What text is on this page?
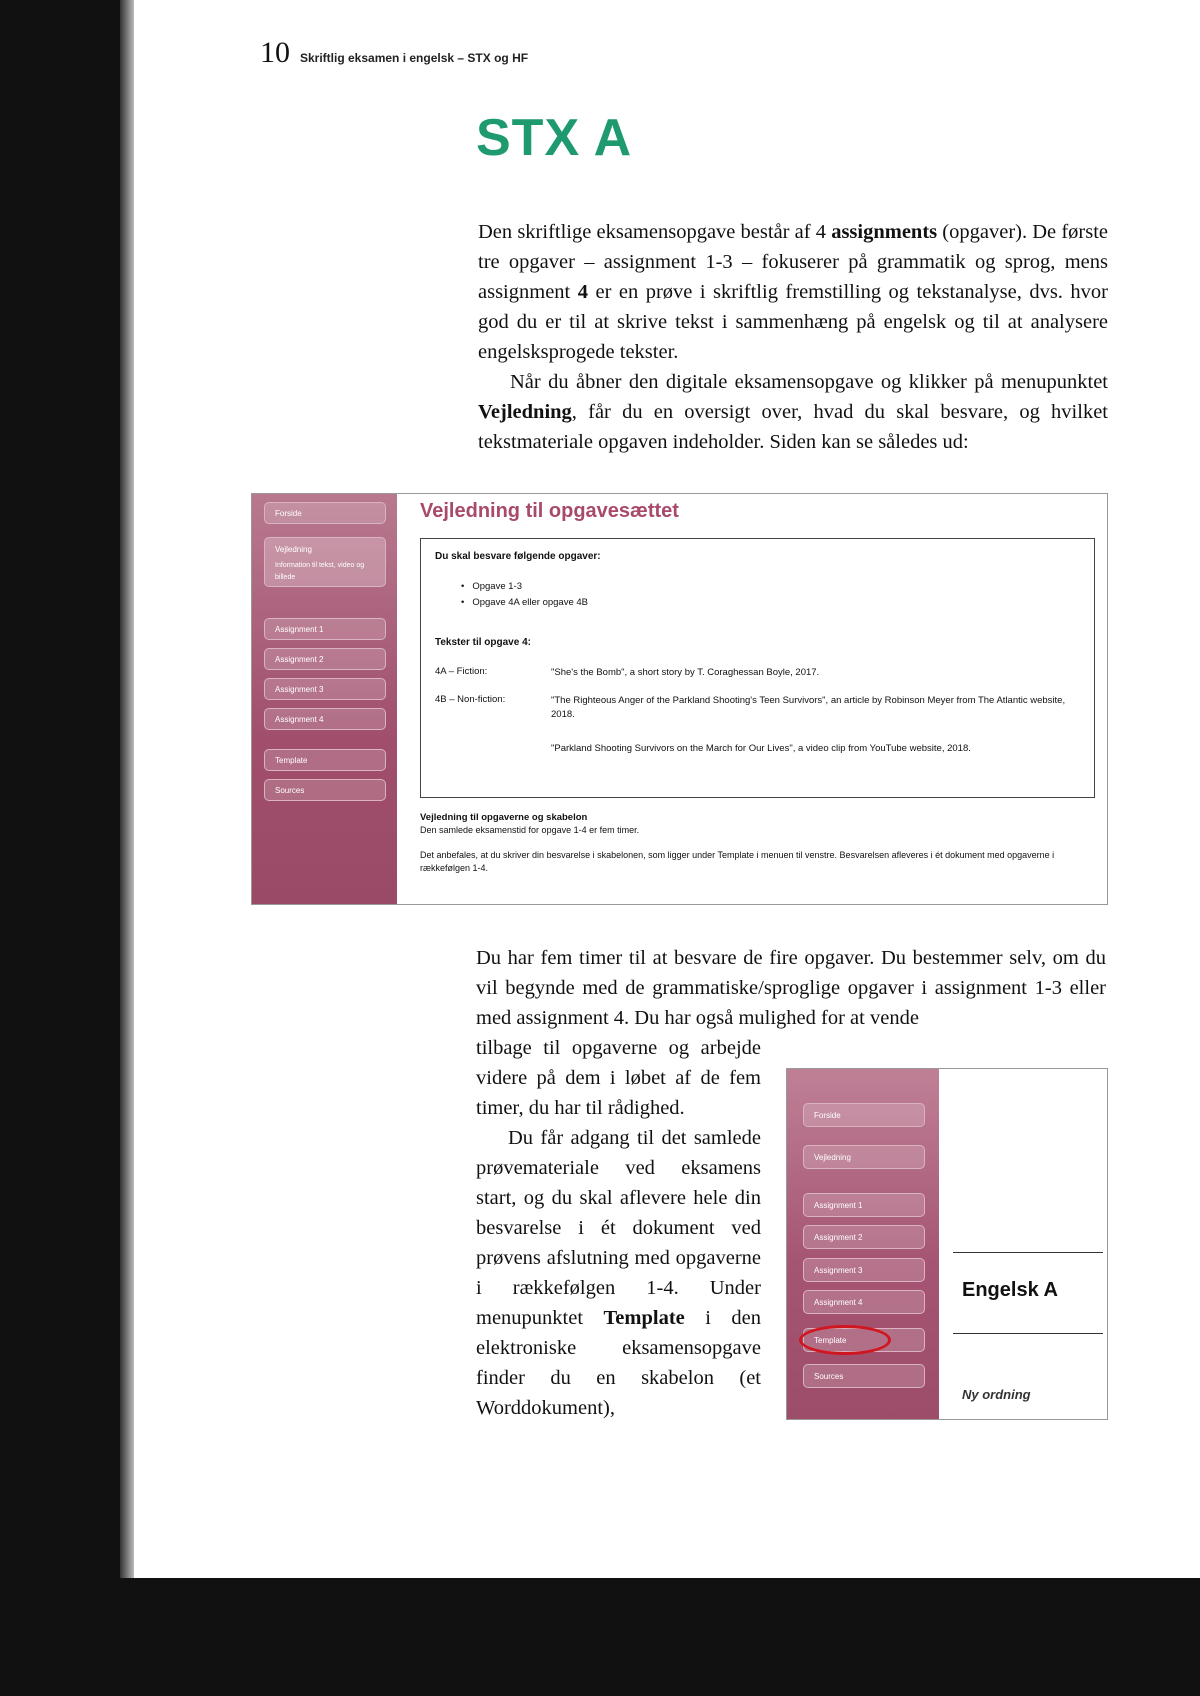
10 Skriftlig eksamen i engelsk – STX og HF
STX A

Den skriftlige eksamensopgave består af 4 assignments (opgaver). De første tre opgaver – assignment 1-3 – fokuserer på grammatik og sprog, mens assignment 4 er en prøve i skriftlig fremstilling og tekstanalyse, dvs. hvor god du er til at skrive tekst i sammenhæng på engelsk og til at analysere engelsksprogede tekster.

Når du åbner den digitale eksamensopgave og klikker på menupunktet Vejledning, får du en oversigt over, hvad du skal besvare, og hvilket tekstmateriale opgaven indeholder. Siden kan se således ud:

Forside
Vejledning
Information til tekst, video og billede
Assignment 1
Assignment 2
Assignment 3
Assignment 4
Template
Sources
Vejledning til opgavesættet

Du skal besvare følgende opgaver:

• Opgave 1-3
• Opgave 4A eller opgave 4B

Tekster til opgave 4:

4A – Fiction:	"She's the Bomb", a short story by T. Coraghessan Boyle, 2017.
4B – Non-fiction:	"The Righteous Anger of the Parkland Shooting's Teen Survivors", an article by Robinson Meyer from The Atlantic website, 2018.
"Parkland Shooting Survivors on the March for Our Lives", a video clip from YouTube website, 2018.
Vejledning til opgaverne og skabelon
Den samlede eksamenstid for opgave 1-4 er fem timer.
Det anbefales, at du skriver din besvarelse i skabelonen, som ligger under Template i menuen til venstre. Besvarelsen afleveres i ét dokument med opgaverne i rækkefølgen 1-4.

Du har fem timer til at besvare de fire opgaver. Du bestemmer selv, om du vil begynde med de grammatiske/sproglige opgaver i assignment 1-3 eller med assignment 4. Du har også mulighed for at vende

tilbage til opgaverne og arbejde videre på dem i løbet af de fem timer, du har til rådighed.

Du får adgang til det samlede prøvemateriale ved eksamens start, og du skal aflevere hele din besvarelse i ét dokument ved prøvens afslutning med opgaverne i rækkefølgen 1-4. Under menupunktet Template i den elektroniske eksamensopgave finder du en skabelon (et Worddokument),

Forside
Vejledning
Assignment 1
Assignment 2
Assignment 3
Assignment 4
Template
Sources
Engelsk A
Ny ordning
